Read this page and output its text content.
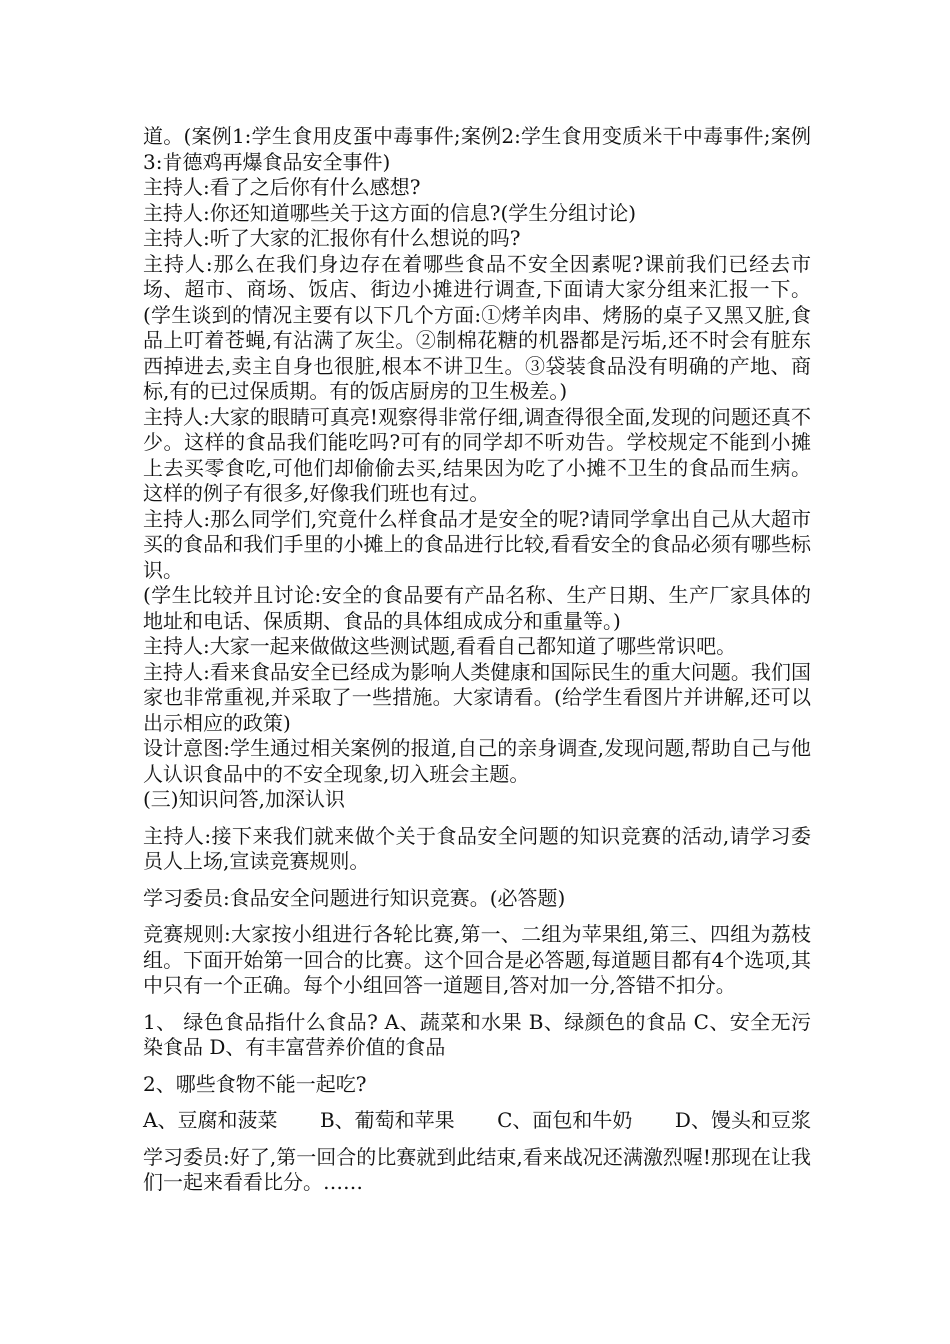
道。(案例1:学生食用皮蛋中毒事件;案例2:学生食用变质米干中毒事件;案例3:肯德鸡再爆食品安全事件)

主持人:看了之后你有什么感想?

主持人:你还知道哪些关于这方面的信息?(学生分组讨论)

主持人:听了大家的汇报你有什么想说的吗?

主持人:那么在我们身边存在着哪些食品不安全因素呢?课前我们已经去市场、超市、商场、饭店、街边小摊进行调查,下面请大家分组来汇报一下。(学生谈到的情况主要有以下几个方面:①烤羊肉串、烤肠的桌子又黑又脏,食品上叮着苍蝇,有沾满了灰尘。②制棉花糖的机器都是污垢,还不时会有脏东西掉进去,卖主自身也很脏,根本不讲卫生。③袋装食品没有明确的产地、商标,有的已过保质期。有的饭店厨房的卫生极差。)

主持人:大家的眼睛可真亮!观察得非常仔细,调查得很全面,发现的问题还真不少。这样的食品我们能吃吗?可有的同学却不听劝告。学校规定不能到小摊上去买零食吃,可他们却偷偷去买,结果因为吃了小摊不卫生的食品而生病。这样的例子有很多,好像我们班也有过。

主持人:那么同学们,究竟什么样食品才是安全的呢?请同学拿出自己从大超市买的食品和我们手里的小摊上的食品进行比较,看看安全的食品必须有哪些标识。

(学生比较并且讨论:安全的食品要有产品名称、生产日期、生产厂家具体的地址和电话、保质期、食品的具体组成成分和重量等。)

主持人:大家一起来做做这些测试题,看看自己都知道了哪些常识吧。

主持人:看来食品安全已经成为影响人类健康和国际民生的重大问题。我们国家也非常重视,并采取了一些措施。大家请看。(给学生看图片并讲解,还可以出示相应的政策)

设计意图:学生通过相关案例的报道,自己的亲身调查,发现问题,帮助自己与他人认识食品中的不安全现象,切入班会主题。

(三)知识问答,加深认识

主持人:接下来我们就来做个关于食品安全问题的知识竞赛的活动,请学习委员人上场,宣读竞赛规则。

学习委员:食品安全问题进行知识竞赛。(必答题)

竞赛规则:大家按小组进行各轮比赛,第一、二组为苹果组,第三、四组为荔枝组。下面开始第一回合的比赛。这个回合是必答题,每道题目都有4个选项,其中只有一个正确。每个小组回答一道题目,答对加一分,答错不扣分。

1、 绿色食品指什么食品? A、蔬菜和水果 B、绿颜色的食品 C、安全无污染食品 D、有丰富营养价值的食品

2、哪些食物不能一起吃?

A、豆腐和菠菜 B、葡萄和苹果 C、面包和牛奶 D、馒头和豆浆

学习委员:好了,第一回合的比赛就到此结束,看来战况还满激烈喔!那现在让我们一起来看看比分。……
